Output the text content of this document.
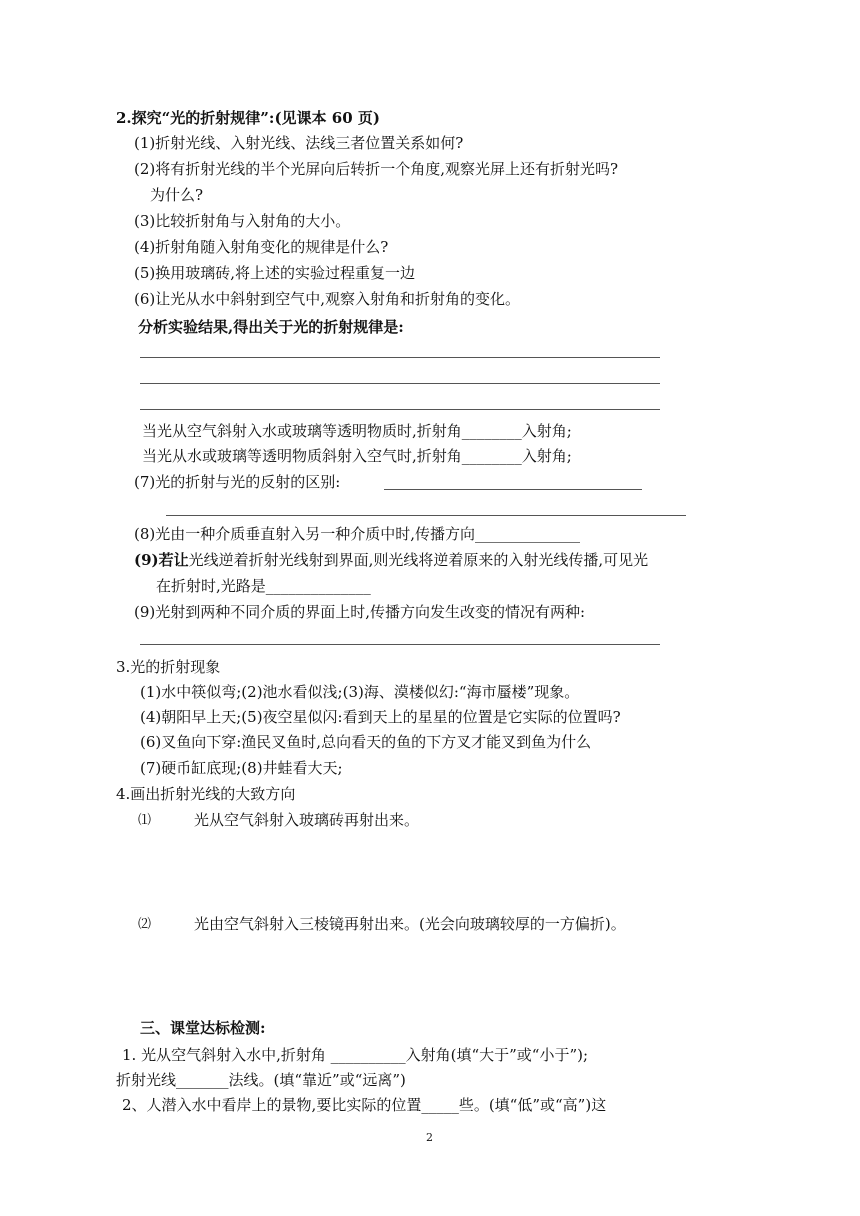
2.探究“光的折射规律”:(见课本 60 页)
(1)折射光线、入射光线、法线三者位置关系如何?
(2)将有折射光线的半个光屏向后转折一个角度,观察光屏上还有折射光吗?
为什么?
(3)比较折射角与入射角的大小。
(4)折射角随入射角变化的规律是什么?
(5)换用玻璃砖,将上述的实验过程重复一边
(6)让光从水中斜射到空气中,观察入射角和折射角的变化。
分析实验结果,得出关于光的折射规律是:
当光从空气斜射入水或玻璃等透明物质时,折射角________入射角;
当光从水或玻璃等透明物质斜射入空气时,折射角________入射角;
(7)光的折射与光的反射的区别:
(8)光由一种介质垂直射入另一种介质中时,传播方向______________
(9)若让光线逆着折射光线射到界面,则光线将逆着原来的入射光线传播,可见光
在折射时,光路是______________
(9)光射到两种不同介质的界面上时,传播方向发生改变的情况有两种:
3.光的折射现象
(1)水中筷似弯;(2)池水看似浅;(3)海、漠楼似幻:“海市蜃楼”现象。
(4)朝阳早上天;(5)夜空星似闪:看到天上的星星的位置是它实际的位置吗?
(6)叉鱼向下穿:渔民叉鱼时,总向看天的鱼的下方叉才能叉到鱼为什么
(7)硬币缸底现;(8)井蛙看大天;
4.画出折射光线的大致方向
⑴	光从空气斜射入玻璃砖再射出来。
⑵	光由空气斜射入三棱镜再射出来。(光会向玻璃较厚的一方偏折)。
三、课堂达标检测:
1. 光从空气斜射入水中,折射角 __________入射角(填“大于”或“小于”);
折射光线_______法线。(填“靠近”或“远离”)
2、人潜入水中看岸上的景物,要比实际的位置_____些。(填“低”或“高”)这
2
